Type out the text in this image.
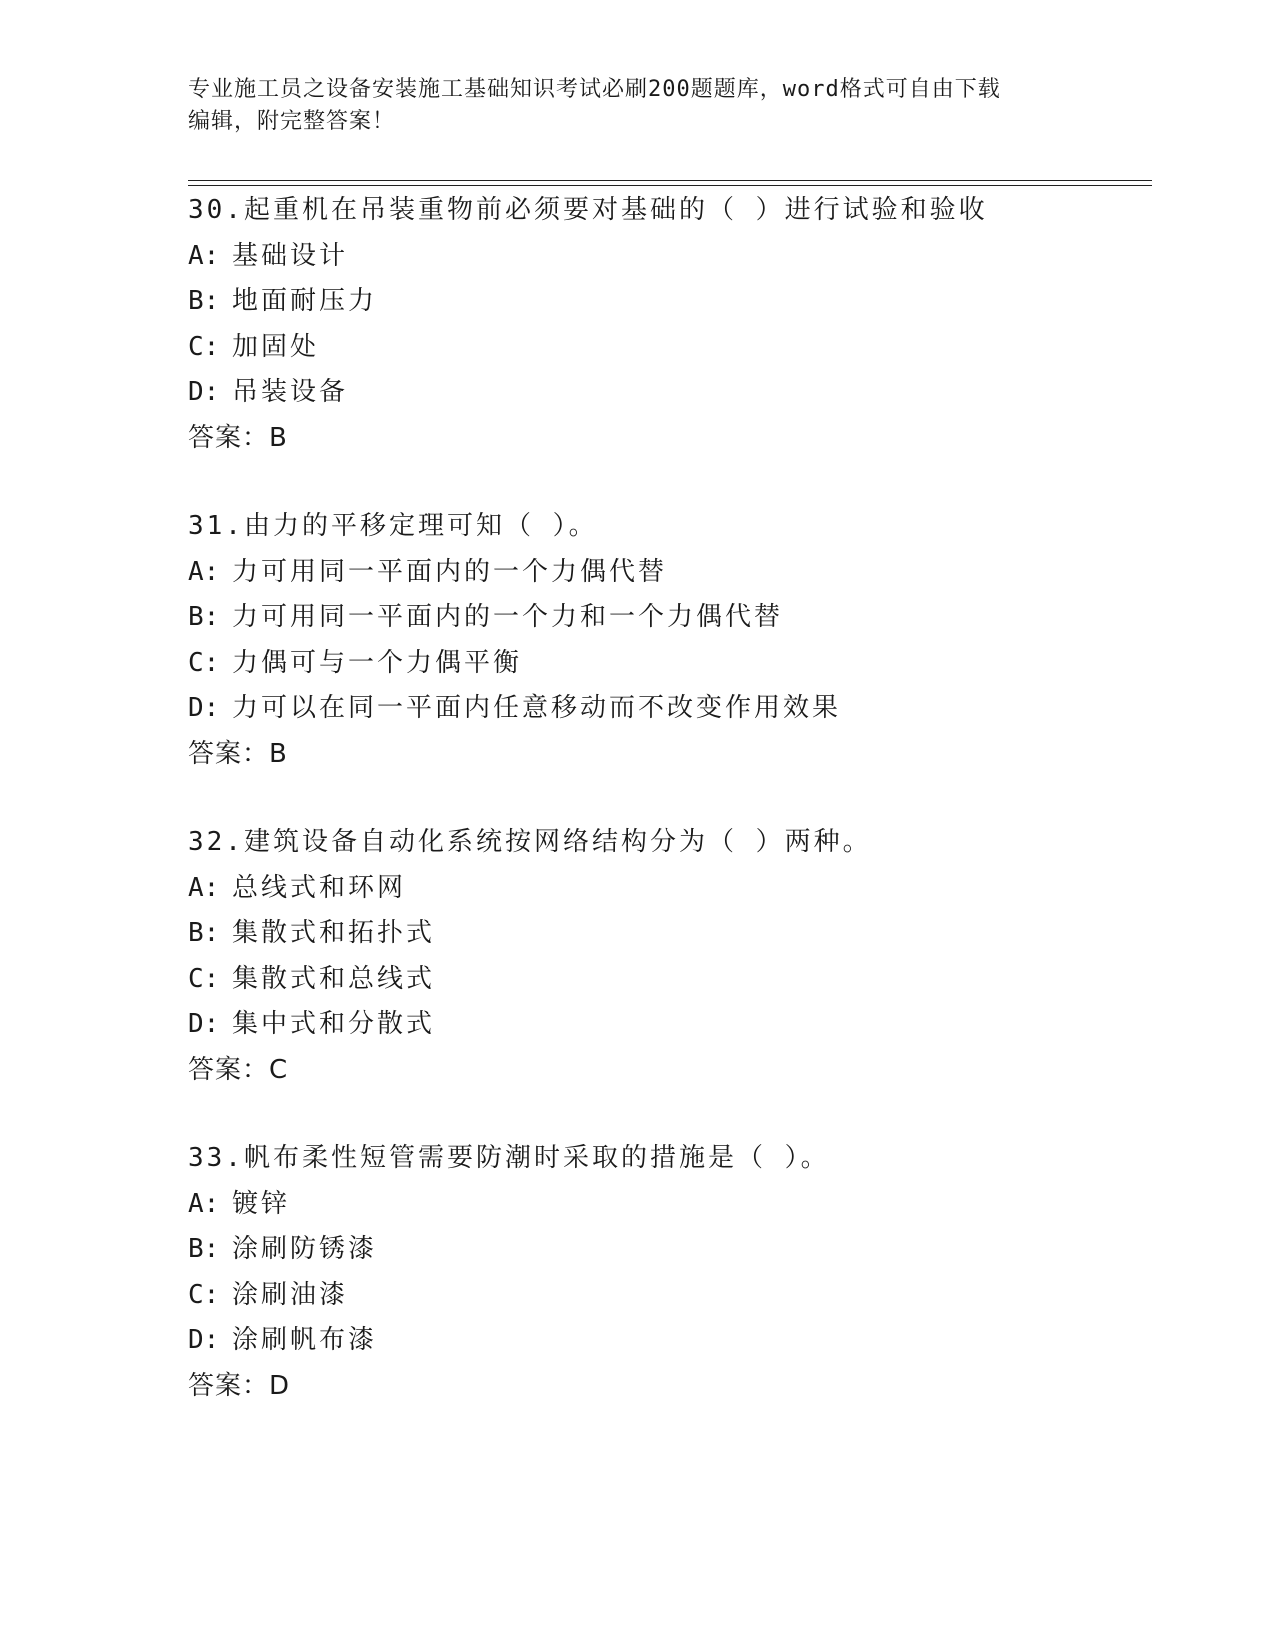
专业施工员之设备安装施工基础知识考试必刷200题题库，word格式可自由下载
编辑，附完整答案！
30.起重机在吊装重物前必须要对基础的（ ）进行试验和验收
A: 基础设计
B: 地面耐压力
C: 加固处
D: 吊装设备
答案：B
31.由力的平移定理可知（ ）。
A: 力可用同一平面内的一个力偶代替
B: 力可用同一平面内的一个力和一个力偶代替
C: 力偶可与一个力偶平衡
D: 力可以在同一平面内任意移动而不改变作用效果
答案：B
32.建筑设备自动化系统按网络结构分为（ ）两种。
A: 总线式和环网
B: 集散式和拓扑式
C: 集散式和总线式
D: 集中式和分散式
答案：C
33.帆布柔性短管需要防潮时采取的措施是（ ）。
A: 镀锌
B: 涂刷防锈漆
C: 涂刷油漆
D: 涂刷帆布漆
答案：D
